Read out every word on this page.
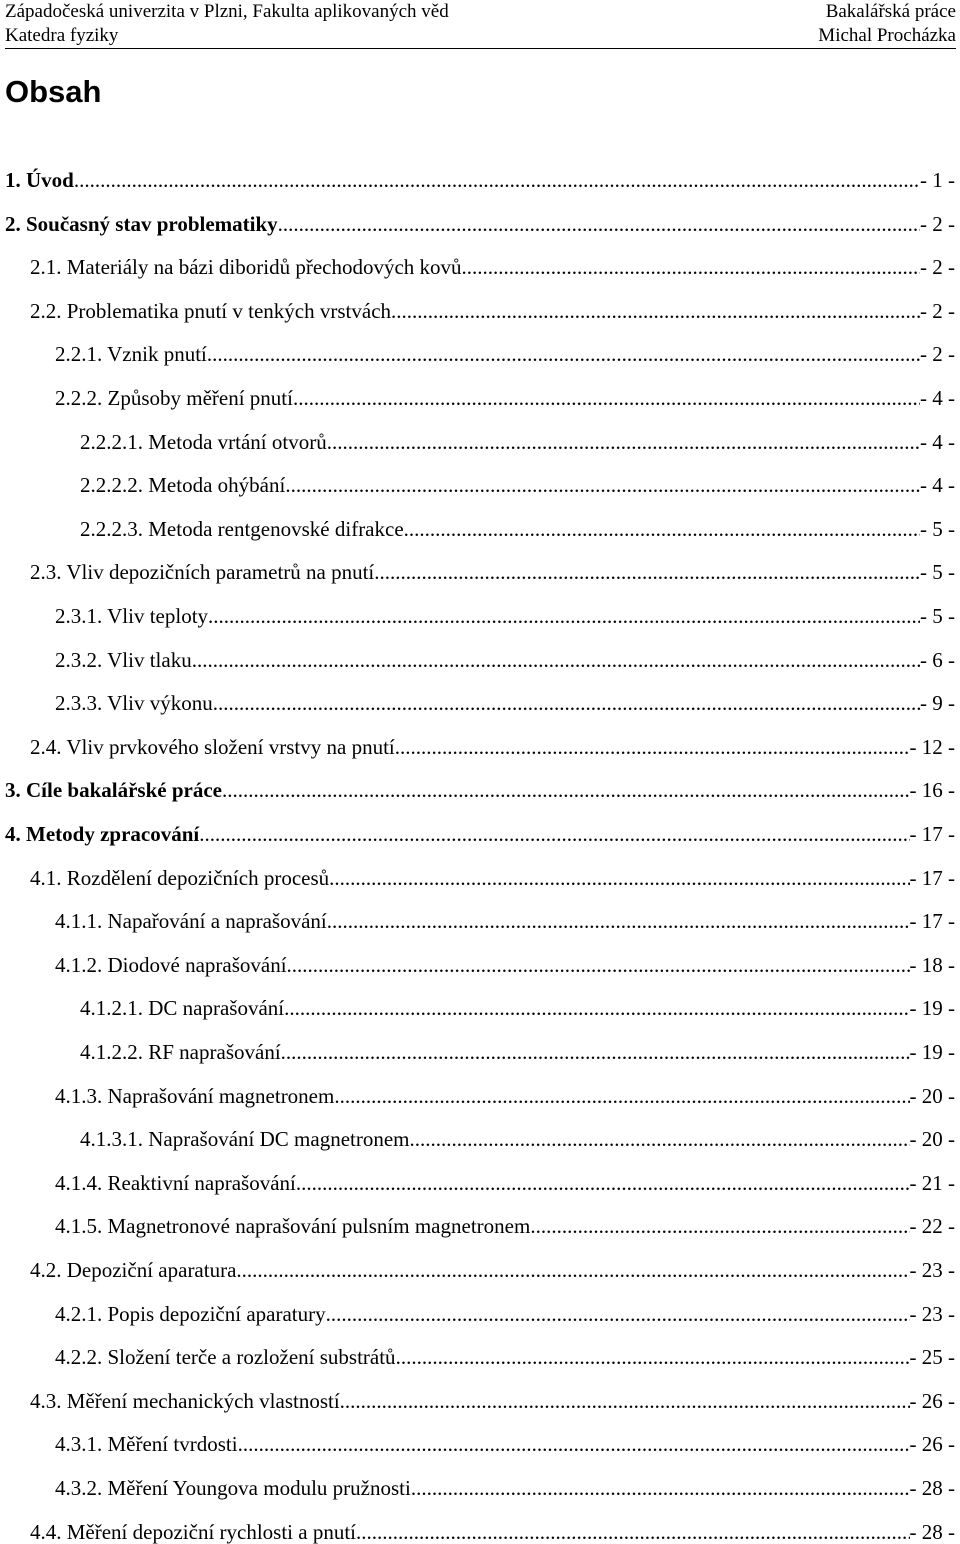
Západočeská univerzita v Plzni, Fakulta aplikovaných věd	Bakalářská práce
Katedra fyziky	Michal Procházka
Obsah
1. Úvod .....	- 1 -
2. Současný stav problematiky .....	- 2 -
2.1. Materiály na bázi diboridů přechodových kovů .....	- 2 -
2.2. Problematika pnutí v tenkých vrstvách .....	- 2 -
2.2.1. Vznik pnutí .....	- 2 -
2.2.2. Způsoby měření pnutí .....	- 4 -
2.2.2.1. Metoda vrtání otvorů .....	- 4 -
2.2.2.2. Metoda ohýbání .....	- 4 -
2.2.2.3. Metoda rentgenovské difrakce .....	- 5 -
2.3. Vliv depozičních parametrů na pnutí .....	- 5 -
2.3.1. Vliv teploty .....	- 5 -
2.3.2. Vliv tlaku .....	- 6 -
2.3.3. Vliv výkonu .....	- 9 -
2.4. Vliv prvkového složení vrstvy na pnutí .....	- 12 -
3. Cíle bakalářské práce .....	- 16 -
4. Metody zpracování .....	- 17 -
4.1. Rozdělení depozičních procesů .....	- 17 -
4.1.1. Napařování a naprašování .....	- 17 -
4.1.2. Diodové naprašování .....	- 18 -
4.1.2.1. DC naprašování .....	- 19 -
4.1.2.2. RF naprašování .....	- 19 -
4.1.3. Naprašování magnetronem .....	- 20 -
4.1.3.1. Naprašování DC magnetronem .....	- 20 -
4.1.4. Reaktivní naprašování .....	- 21 -
4.1.5. Magnetronové naprašování pulsním magnetronem .....	- 22 -
4.2. Depoziční aparatura .....	- 23 -
4.2.1. Popis depoziční aparatury .....	- 23 -
4.2.2. Složení terče a rozložení substrátů .....	- 25 -
4.3. Měření mechanických vlastností .....	- 26 -
4.3.1. Měření tvrdosti .....	- 26 -
4.3.2. Měření Youngova modulu pružnosti .....	- 28 -
4.4. Měření depoziční rychlosti a pnutí .....	- 28 -
